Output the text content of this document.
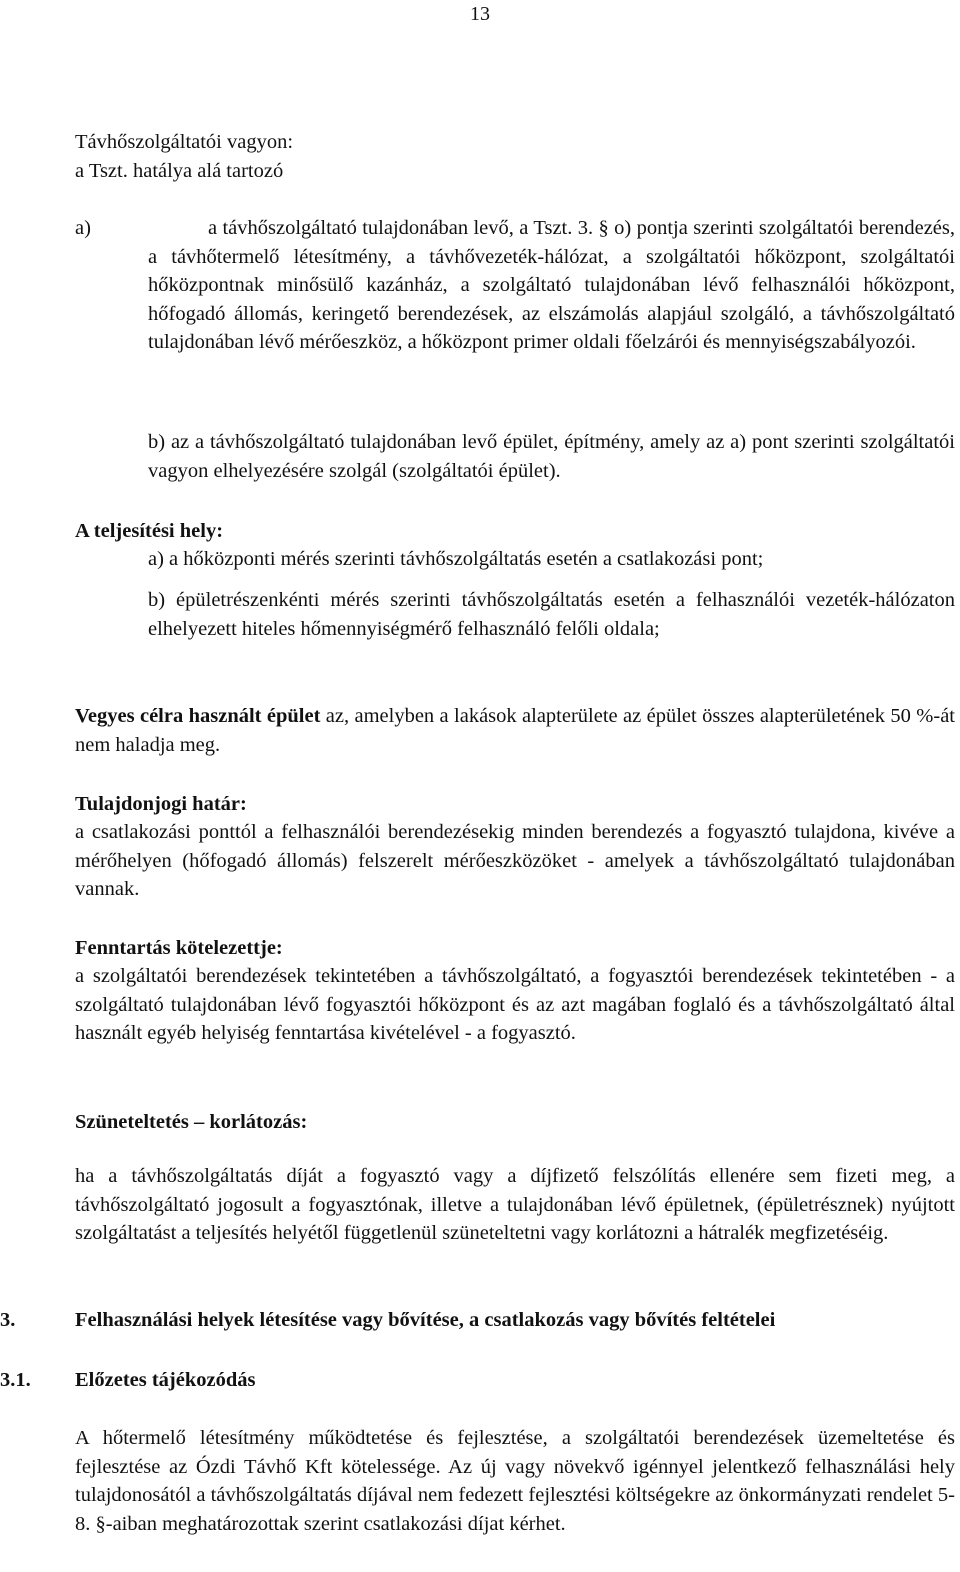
13
Távhőszolgáltatói vagyon:
a Tszt. hatálya alá tartozó
a)	a távhőszolgáltató tulajdonában levő, a Tszt. 3. § o) pontja szerinti szolgáltatói berendezés, a távhőtermelő létesítmény, a távhővezeték-hálózat, a szolgáltatói hőközpont, szolgáltatói hőközpontnak minősülő kazánház, a szolgáltató tulajdonában lévő felhasználói hőközpont, hőfogadó állomás, keringető berendezések, az elszámolás alapjául szolgáló, a távhőszolgáltató tulajdonában lévő mérőeszköz, a hőközpont primer oldali főelzárói és mennyiségszabályozói.
b) az a távhőszolgáltató tulajdonában levő épület, építmény, amely az a) pont szerinti szolgáltatói vagyon elhelyezésére szolgál (szolgáltatói épület).
A teljesítési hely:
a) a hőközponti mérés szerinti távhőszolgáltatás esetén a csatlakozási pont;
b) épületrészenkénti mérés szerinti távhőszolgáltatás esetén a felhasználói vezeték-hálózaton elhelyezett hiteles hőmennyiségmérő felhasználó felőli oldala;
Vegyes célra használt épület az, amelyben a lakások alapterülete az épület összes alapterületének 50 %-át nem haladja meg.
Tulajdonjogi határ:
a csatlakozási ponttól a felhasználói berendezésekig minden berendezés a fogyasztó tulajdona, kivéve a mérőhelyen (hőfogadó állomás) felszerelt mérőeszközöket - amelyek a távhőszolgáltató tulajdonában vannak.
Fenntartás kötelezettje:
a szolgáltatói berendezések tekintetében a távhőszolgáltató, a fogyasztói berendezések tekintetében - a szolgáltató tulajdonában lévő fogyasztói hőközpont és az azt magában foglaló és a távhőszolgáltató által használt egyéb helyiség fenntartása kivételével - a fogyasztó.
Szüneteltetés – korlátozás:
ha a távhőszolgáltatás díját a fogyasztó vagy a díjfizető felszólítás ellenére sem fizeti meg, a távhőszolgáltató jogosult a fogyasztónak, illetve a tulajdonában lévő épületnek, (épületrésznek) nyújtott szolgáltatást a teljesítés helyétől függetlenül szüneteltetni vagy korlátozni a hátralék megfizetéséig.
3.	Felhasználási helyek létesítése vagy bővítése, a csatlakozás vagy bővítés feltételei
3.1. Előzetes tájékozódás
A hőtermelő létesítmény működtetése és fejlesztése, a szolgáltatói berendezések üzemeltetése és fejlesztése az Ózdi Távhő Kft kötelessége. Az új vagy növekvő igénnyel jelentkező felhasználási hely tulajdonosától a távhőszolgáltatás díjával nem fedezett fejlesztési költségekre az önkormányzati rendelet 5-8. §-aiban meghatározottak szerint csatlakozási díjat kérhet.
